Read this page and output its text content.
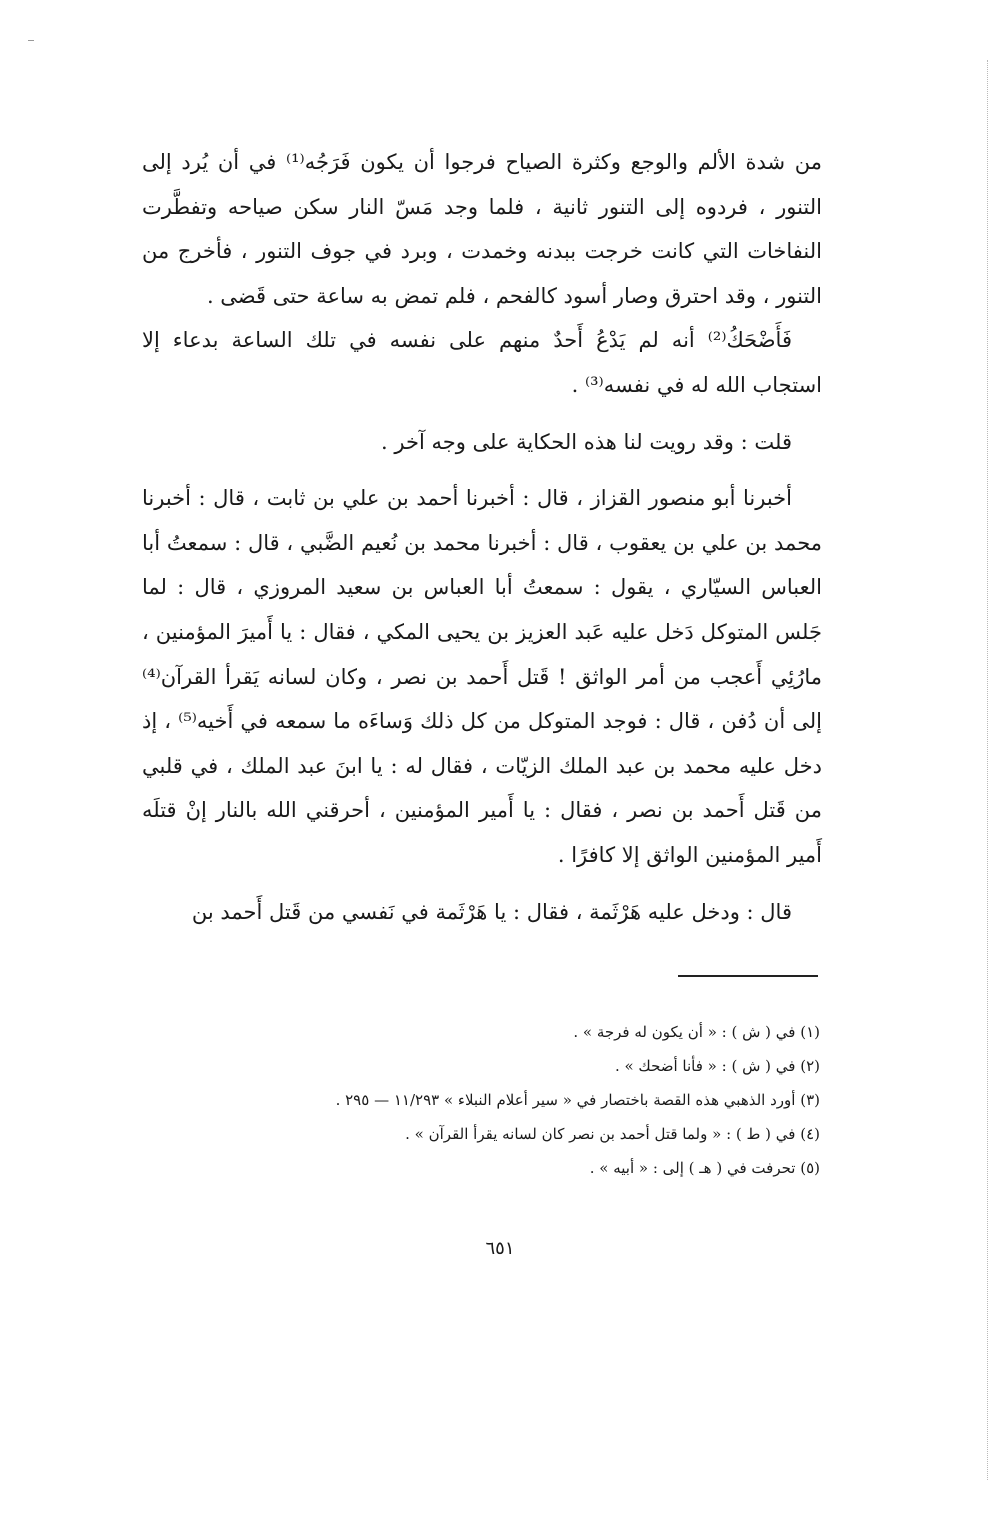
من شدة الألم والوجع وكثرة الصياح فرجوا أن يكون فَرَجُه⁽¹⁾ في أن يُرد إلى التنور ، فردوه إلى التنور ثانية ، فلما وجد مَسّ النار سكن صياحه وتفطَّرت النفاخات التي كانت خرجت ببدنه وخمدت ، وبرد في جوف التنور ، فأخرج من التنور ، وقد احترق وصار أسود كالفحم ، فلم تمض به ساعة حتى قَضى .

فَأَضْحَكُ⁽²⁾ أنه لم يَدْعُ أَحدٌ منهم على نفسه في تلك الساعة بدعاء إلا استجاب الله له في نفسه⁽³⁾ .

قلت : وقد رويت لنا هذه الحكاية على وجه آخر .

أخبرنا أبو منصور القزاز ، قال : أخبرنا أحمد بن علي بن ثابت ، قال : أخبرنا محمد بن علي بن يعقوب ، قال : أخبرنا محمد بن نُعيم الضَّبي ، قال : سمعتُ أبا العباس السيّاري ، يقول : سمعتُ أبا العباس بن سعيد المروزي ، قال : لما جَلس المتوكل دَخل عليه عَبد العزيز بن يحيى المكي ، فقال : يا أَميرَ المؤمنين ، مارُئِي أَعجب من أمر الواثق ! قَتل أَحمد بن نصر ، وكان لسانه يَقرأ القرآن⁽⁴⁾ إلى أن دُفن ، قال : فوجد المتوكل من كل ذلك وَساءَه ما سمعه في أَخيه⁽⁵⁾ ، إذ دخل عليه محمد بن عبد الملك الزيّات ، فقال له : يا ابنَ عبد الملك ، في قلبي من قَتل أَحمد بن نصر ، فقال : يا أَمير المؤمنين ، أحرقني الله بالنار إنْ قتلَه أَمير المؤمنين الواثق إلا كافرًا .

قال : ودخل عليه هَرْثَمة ، فقال : يا هَرْثَمة في نَفسي من قَتل أَحمد بن

(١) في ( ش ) : « أن يكون له فرجة » .

(٢) في ( ش ) : « فأنا أضحك » .

(٣) أورد الذهبي هذه القصة باختصار في « سير أعلام النبلاء » ١١/٢٩٣ — ٢٩٥ .

(٤) في ( ط ) : « ولما قتل أحمد بن نصر كان لسانه يقرأ القرآن » .

(٥) تحرفت في ( هـ ) إلى : « أبيه » .

٦٥١
